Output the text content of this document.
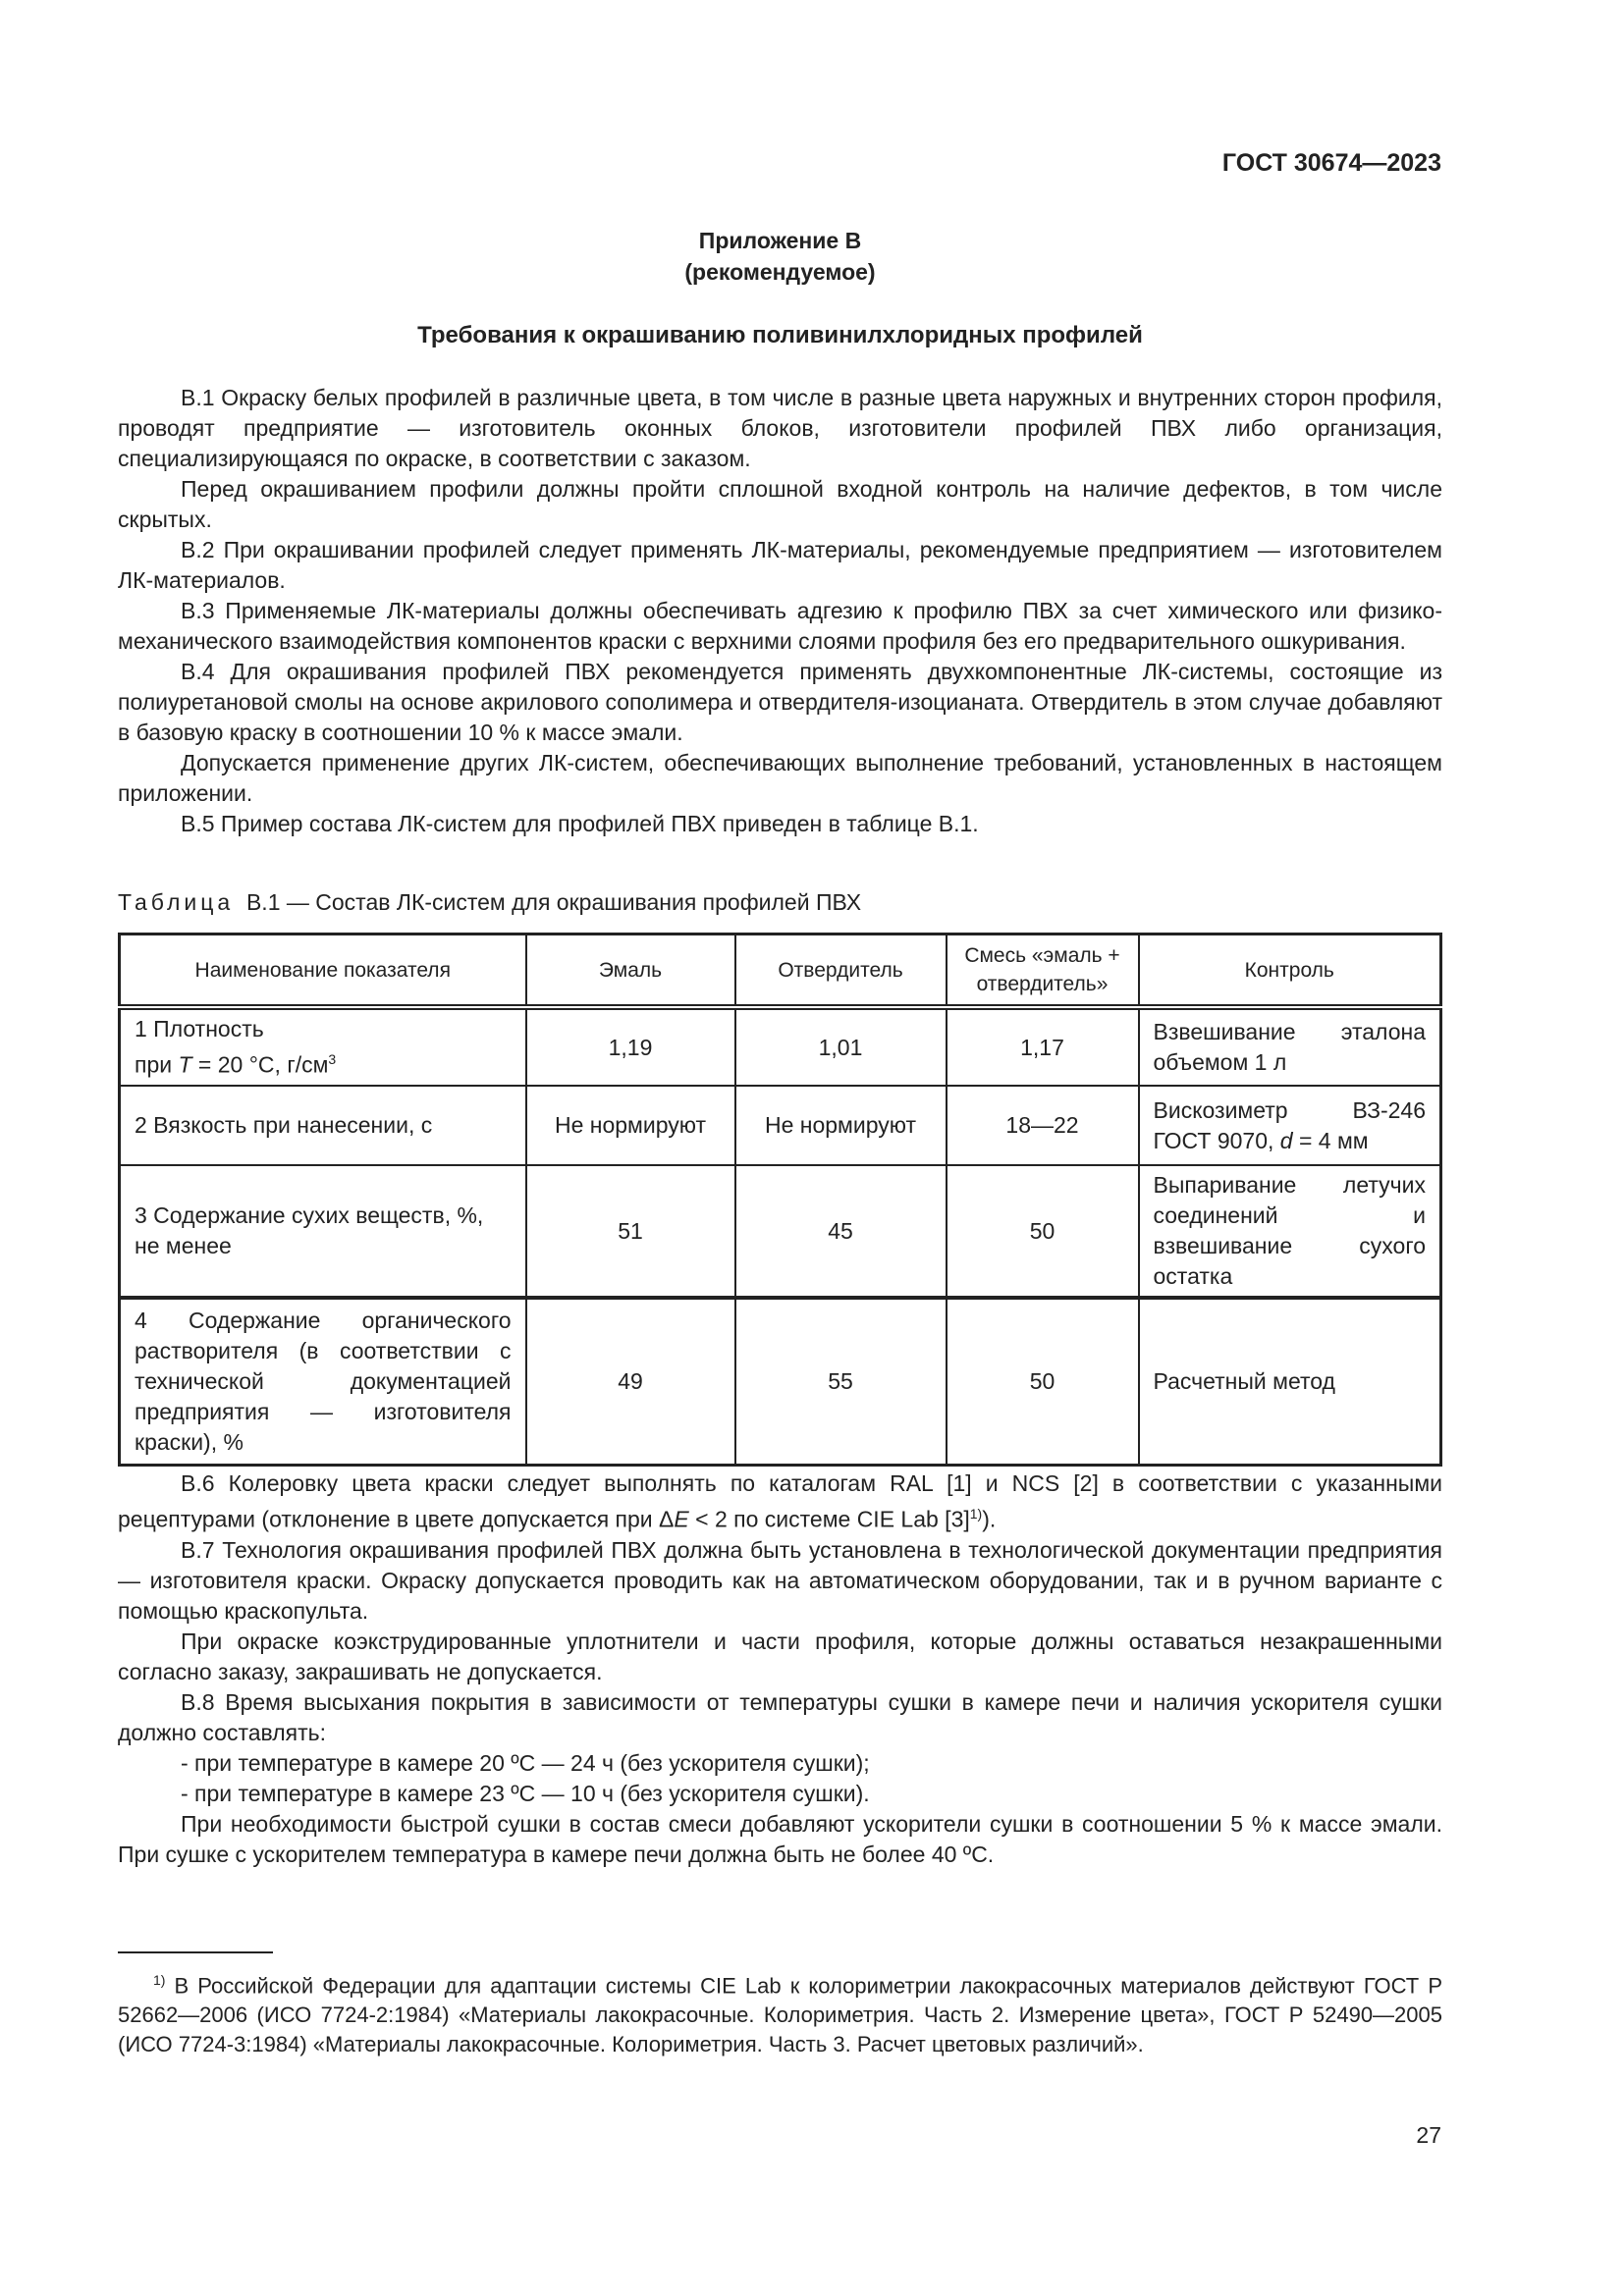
ГОСТ 30674—2023
Приложение В
(рекомендуемое)
Требования к окрашиванию поливинилхлоридных профилей

В.1 Окраску белых профилей в различные цвета, в том числе в разные цвета наружных и внутренних сторон профиля, проводят предприятие — изготовитель оконных блоков, изготовители профилей ПВХ либо организация, специализирующаяся по окраске, в соответствии с заказом.

Перед окрашиванием профили должны пройти сплошной входной контроль на наличие дефектов, в том числе скрытых.

В.2 При окрашивании профилей следует применять ЛК-материалы, рекомендуемые предприятием — изготовителем ЛК-материалов.

В.3 Применяемые ЛК-материалы должны обеспечивать адгезию к профилю ПВХ за счет химического или физико-механического взаимодействия компонентов краски с верхними слоями профиля без его предварительного ошкуривания.

В.4 Для окрашивания профилей ПВХ рекомендуется применять двухкомпонентные ЛК-системы, состоящие из полиуретановой смолы на основе акрилового сополимера и отвердителя-изоцианата. Отвердитель в этом случае добавляют в базовую краску в соотношении 10 % к массе эмали.

Допускается применение других ЛК-систем, обеспечивающих выполнение требований, установленных в настоящем приложении.

В.5 Пример состава ЛК-систем для профилей ПВХ приведен в таблице В.1.

Таблица В.1 — Состав ЛК-систем для окрашивания профилей ПВХ
Наименование показателя	Эмаль	Отвердитель	Смесь «эмаль + отвердитель»	Контроль
1 Плотность
при T = 20 °С, $г/см^3$	1,19	1,01	1,17	Взвешивание эталона объемом 1 л
2 Вязкость при нанесении, с	Не нормируют	Не нормируют	18—22	Вискозиметр ВЗ-246 ГОСТ 9070, d = 4 мм
3 Содержание сухих веществ, %, не менее	51	45	50	Выпаривание летучих соединений и взвешивание сухого остатка
4 Содержание органического растворителя (в соответствии с технической документацией предприятия — изготовителя краски), %	49	55	50	Расчетный метод

В.6 Колеровку цвета краски следует выполнять по каталогам RAL [1] и NCS [2] в соответствии с указанными рецептурами (отклонение в цвете допускается при ΔE < 2 по системе CIE Lab $[3]^{1)}$).

В.7 Технология окрашивания профилей ПВХ должна быть установлена в технологической документации предприятия — изготовителя краски. Окраску допускается проводить как на автоматическом оборудовании, так и в ручном варианте с помощью краскопульта.

При окраске коэкструдированные уплотнители и части профиля, которые должны оставаться незакрашенными согласно заказу, закрашивать не допускается.

В.8 Время высыхания покрытия в зависимости от температуры сушки в камере печи и наличия ускорителя сушки должно составлять:

- при температуре в камере 20 ºС — 24 ч (без ускорителя сушки);

- при температуре в камере 23 ºС — 10 ч (без ускорителя сушки).

При необходимости быстрой сушки в состав смеси добавляют ускорители сушки в соотношении 5 % к массе эмали. При сушке с ускорителем температура в камере печи должна быть не более 40 ºС.

$^{1)}$ В Российской Федерации для адаптации системы CIE Lab к колориметрии лакокрасочных материалов действуют ГОСТ Р 52662—2006 (ИСО 7724-2:1984) «Материалы лакокрасочные. Колориметрия. Часть 2. Измерение цвета», ГОСТ Р 52490—2005 (ИСО 7724-3:1984) «Материалы лакокрасочные. Колориметрия. Часть 3. Расчет цветовых различий».
27
